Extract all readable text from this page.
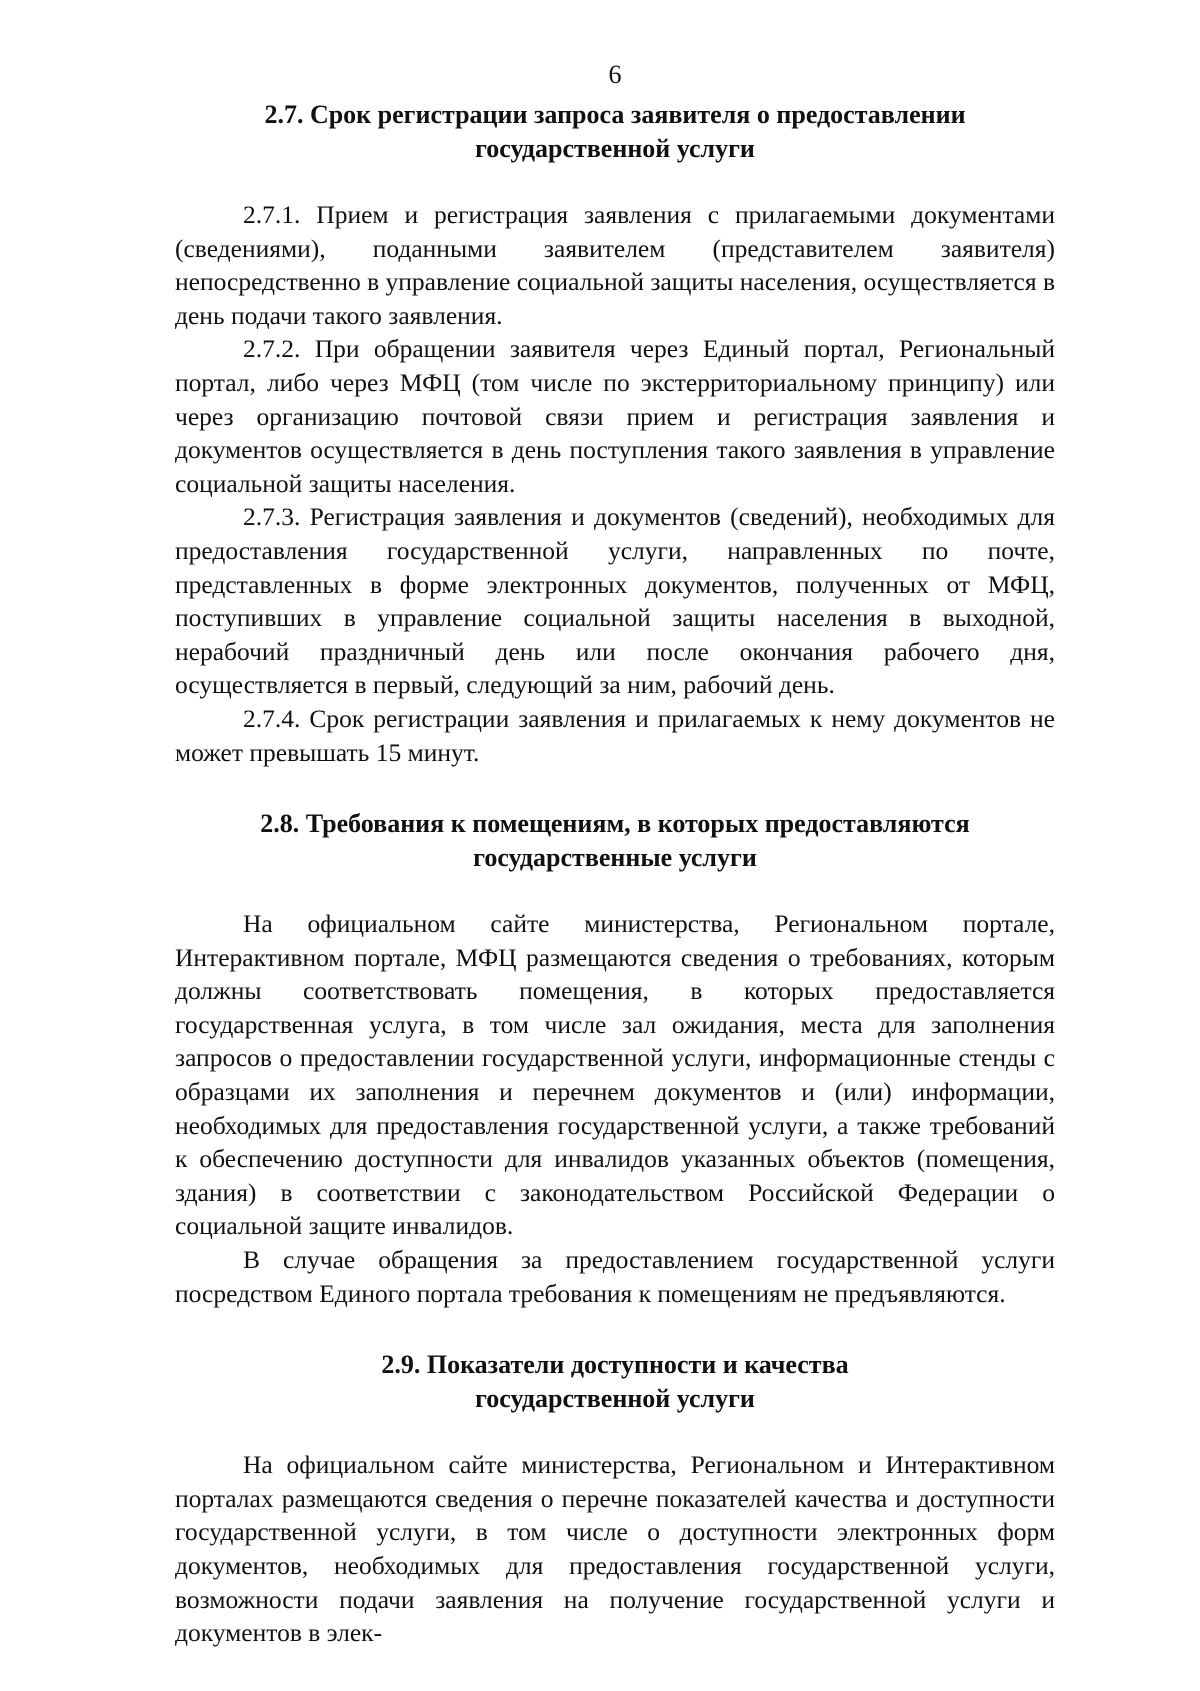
6
2.7. Срок регистрации запроса заявителя о предоставлении
государственной услуги

2.7.1. Прием и регистрация заявления с прилагаемыми документами (сведениями), поданными заявителем (представителем заявителя) непосредственно в управление социальной защиты населения, осуществляется в день подачи такого заявления.

2.7.2. При обращении заявителя через Единый портал, Региональный портал, либо через МФЦ (том числе по экстерриториальному принципу) или через организацию почтовой связи прием и регистрация заявления и документов осуществляется в день поступления такого заявления в управление социальной защиты населения.

2.7.3. Регистрация заявления и документов (сведений), необходимых для предоставления государственной услуги, направленных по почте, представленных в форме электронных документов, полученных от МФЦ, поступивших в управление социальной защиты населения в выходной, нерабочий праздничный день или после окончания рабочего дня, осуществляется в первый, следующий за ним, рабочий день.

2.7.4. Срок регистрации заявления и прилагаемых к нему документов не может превышать 15 минут.

2.8. Требования к помещениям, в которых предоставляются
государственные услуги

На официальном сайте министерства, Региональном портале, Интерактивном портале, МФЦ размещаются сведения о требованиях, которым должны соответствовать помещения, в которых предоставляется государственная услуга, в том числе зал ожидания, места для заполнения запросов о предоставлении государственной услуги, информационные стенды с образцами их заполнения и перечнем документов и (или) информации, необходимых для предоставления государственной услуги, а также требований к обеспечению доступности для инвалидов указанных объектов (помещения, здания) в соответствии с законодательством Российской Федерации о социальной защите инвалидов.

В случае обращения за предоставлением государственной услуги посредством Единого портала требования к помещениям не предъявляются.

2.9. Показатели доступности и качества
государственной услуги

На официальном сайте министерства, Региональном и Интерактивном порталах размещаются сведения о перечне показателей качества и доступности государственной услуги, в том числе о доступности электронных форм документов, необходимых для предоставления государственной услуги, возможности подачи заявления на получение государственной услуги и документов в элек-
